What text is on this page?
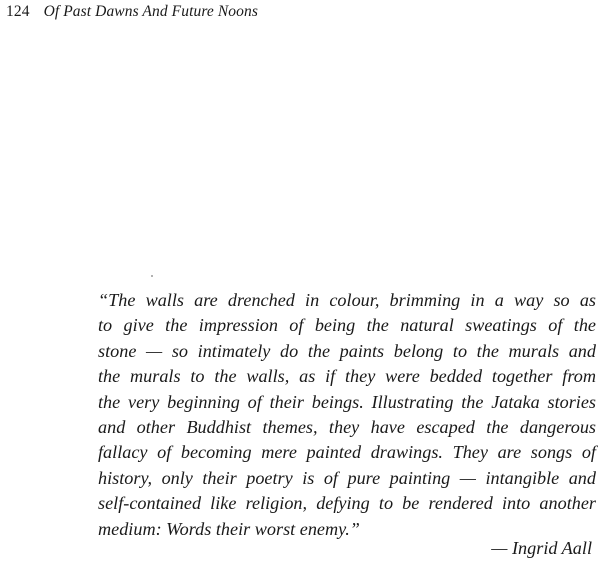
124 Of Past Dawns And Future Noons
“The walls are drenched in colour, brimming in a way so as
to give the impression of being the natural sweatings of the
stone — so intimately do the paints belong to the murals and
the murals to the walls, as if they were bedded together from
the very beginning of their beings. Illustrating the Jataka stories
and other Buddhist themes, they have escaped the dangerous
fallacy of becoming mere painted drawings. They are songs of
history, only their poetry is of pure painting — intangible and
self-contained like religion, defying to be rendered into another
medium: Words their worst enemy.”
— Ingrid Aall
